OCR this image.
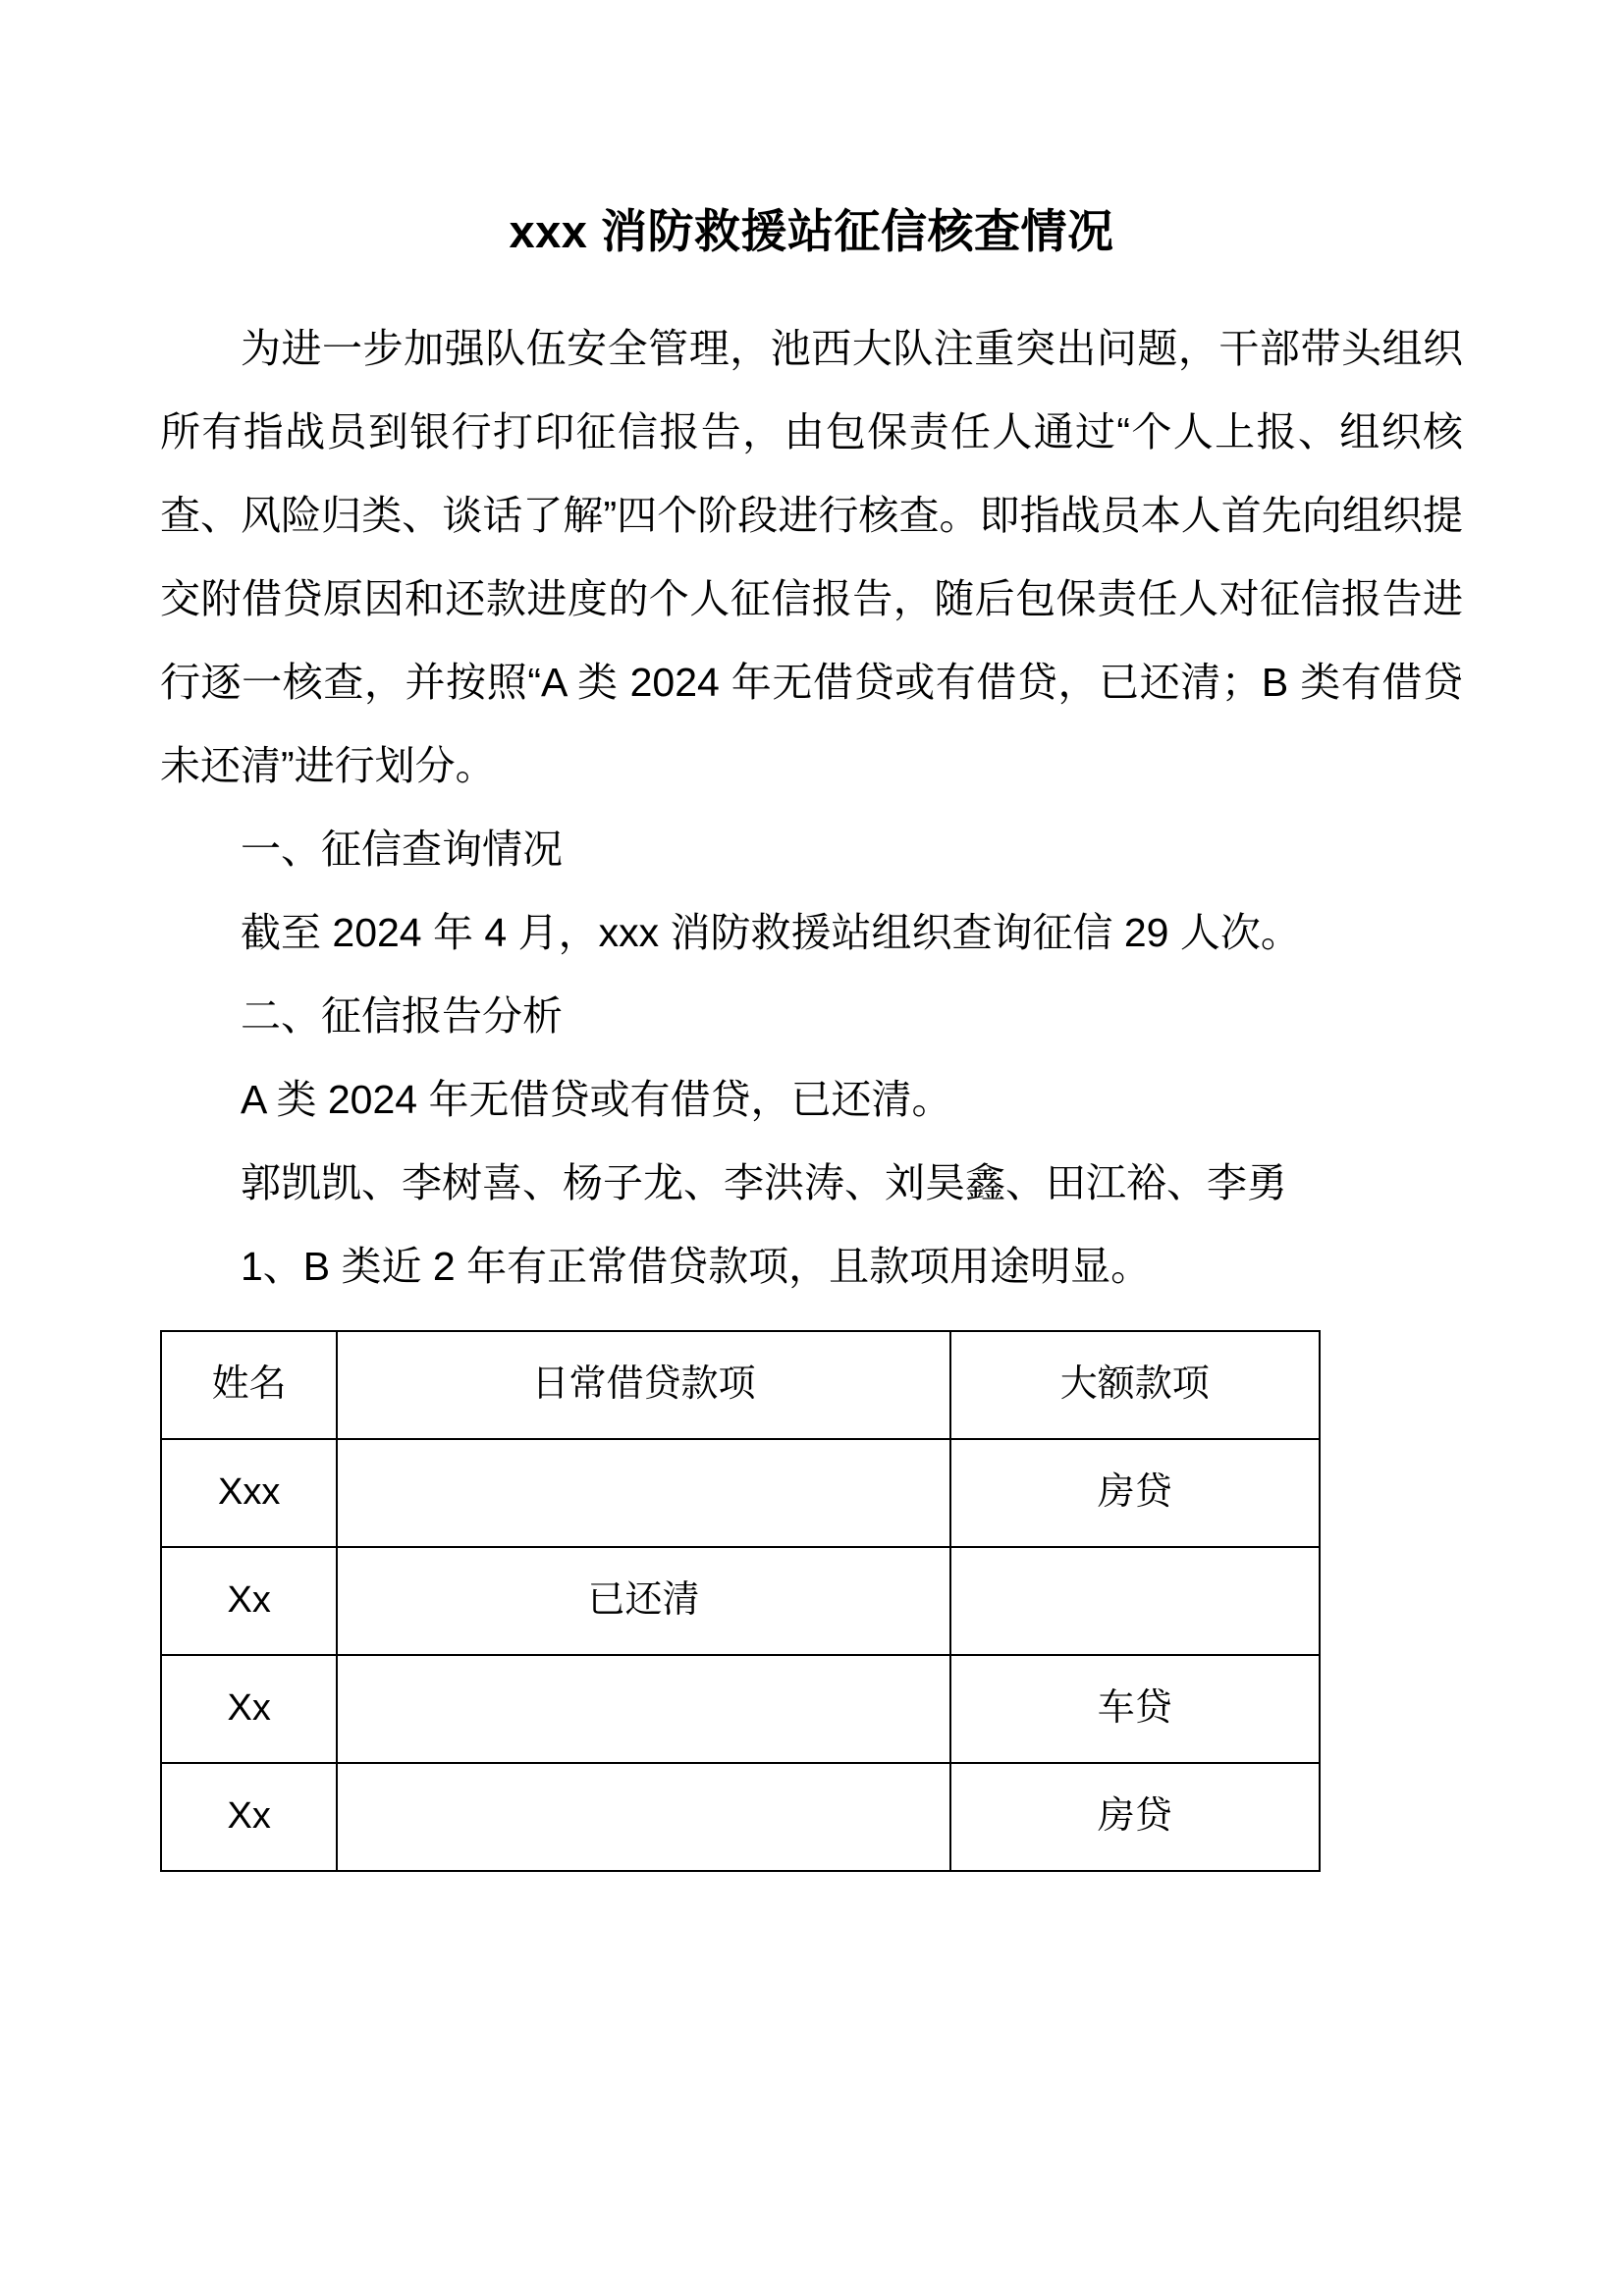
xxx 消防救援站征信核查情况

为进一步加强队伍安全管理，池西大队注重突出问题，干部带头组织所有指战员到银行打印征信报告，由包保责任人通过“个人上报、组织核查、风险归类、谈话了解”四个阶段进行核查。即指战员本人首先向组织提交附借贷原因和还款进度的个人征信报告，随后包保责任人对征信报告进行逐一核查，并按照“A 类 2024 年无借贷或有借贷，已还清；B 类有借贷未还清”进行划分。

一、征信查询情况

截至 2024 年 4 月，xxx 消防救援站组织查询征信 29 人次。

二、征信报告分析

A 类 2024 年无借贷或有借贷，已还清。

郭凯凯、李树喜、杨子龙、李洪涛、刘昊鑫、田江裕、李勇

1、B 类近 2 年有正常借贷款项，且款项用途明显。

姓名	日常借贷款项	大额款项
Xxx		房贷
Xx	已还清	
Xx		车贷
Xx		房贷
